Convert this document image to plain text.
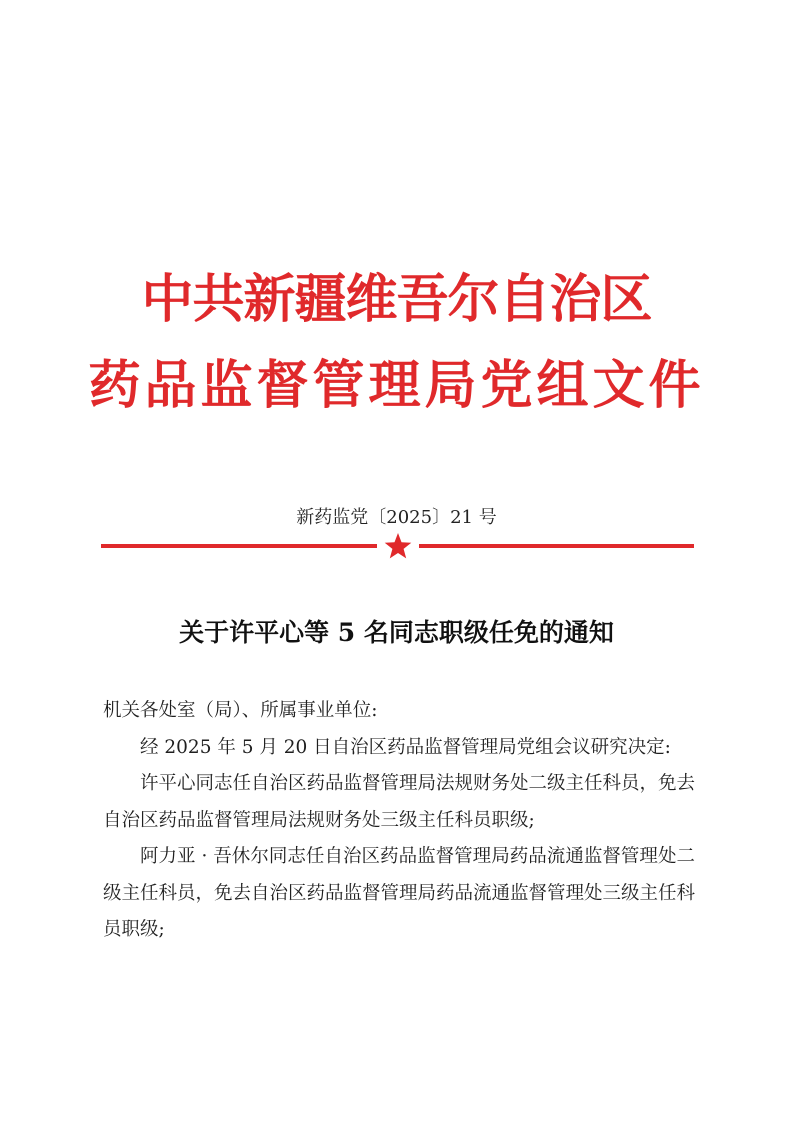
中共新疆维吾尔自治区
药品监督管理局党组文件
新药监党〔2025〕21 号
关于许平心等 5 名同志职级任免的通知

机关各处室（局）、所属事业单位:

经 2025 年 5 月 20 日自治区药品监督管理局党组会议研究决定:

许平心同志任自治区药品监督管理局法规财务处二级主任科员，免去自治区药品监督管理局法规财务处三级主任科员职级;

阿力亚 · 吾休尔同志任自治区药品监督管理局药品流通监督管理处二级主任科员，免去自治区药品监督管理局药品流通监督管理处三级主任科员职级;
